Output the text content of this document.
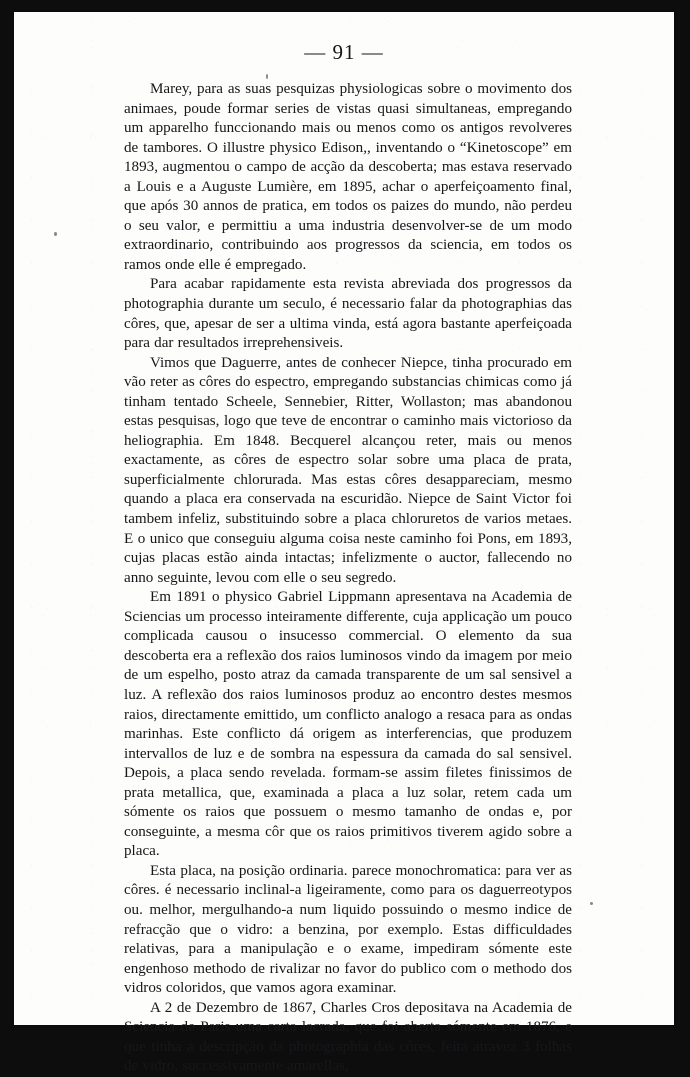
— 91 —

Marey, para as suas pesquizas physiologicas sobre o movimento dos animaes, poude formar series de vistas quasi simultaneas, empregando um apparelho funccionando mais ou menos como os antigos revolveres de tambores. O illustre physico Edison,, inventando o “Kinetoscope” em 1893, augmentou o campo de acção da descoberta; mas estava reservado a Louis e a Auguste Lumière, em 1895, achar o aperfeiçoamento final, que após 30 annos de pratica, em todos os paizes do mundo, não perdeu o seu valor, e permittiu a uma industria desenvolver-se de um modo extraordinario, contribuindo aos progressos da sciencia, em todos os ramos onde elle é empregado.

Para acabar rapidamente esta revista abreviada dos progressos da photographia durante um seculo, é necessario falar da photographias das côres, que, apesar de ser a ultima vinda, está agora bastante aperfeiçoada para dar resultados irreprehensiveis.

Vimos que Daguerre, antes de conhecer Niepce, tinha procurado em vão reter as côres do espectro, empregando substancias chimicas como já tinham tentado Scheele, Sennebier, Ritter, Wollaston; mas abandonou estas pesquisas, logo que teve de encontrar o caminho mais victorioso da heliographia. Em 1848. Becquerel alcançou reter, mais ou menos exactamente, as côres de espectro solar sobre uma placa de prata, superficialmente chlorurada. Mas estas côres desappareciam, mesmo quando a placa era conservada na escuridão. Niepce de Saint Victor foi tambem infeliz, substituindo sobre a placa chloruretos de varios metaes. E o unico que conseguiu alguma coisa neste caminho foi Pons, em 1893, cujas placas estão ainda intactas; infelizmente o auctor, fallecendo no anno seguinte, levou com elle o seu segredo.

Em 1891 o physico Gabriel Lippmann apresentava na Academia de Sciencias um processo inteiramente differente, cuja applicação um pouco complicada causou o insucesso commercial. O elemento da sua descoberta era a reflexão dos raios luminosos vindo da imagem por meio de um espelho, posto atraz da camada transparente de um sal sensivel a luz. A reflexão dos raios luminosos produz ao encontro destes mesmos raios, directamente emittido, um conflicto analogo a resaca para as ondas marinhas. Este conflicto dá origem as interferencias, que produzem intervallos de luz e de sombra na espessura da camada do sal sensivel. Depois, a placa sendo revelada. formam-se assim filetes finissimos de prata metallica, que, examinada a placa a luz solar, retem cada um sómente os raios que possuem o mesmo tamanho de ondas e, por conseguinte, a mesma côr que os raios primitivos tiverem agido sobre a placa.

Esta placa, na posição ordinaria. parece monochromatica: para ver as côres. é necessario inclinal-a ligeiramente, como para os daguerreotypos ou. melhor, mergulhando-a num liquido possuindo o mesmo indice de refracção que o vidro: a benzina, por exemplo. Estas difficuldades relativas, para a manipulação e o exame, impediram sómente este engenhoso methodo de rivalizar no favor do publico com o methodo dos vidros coloridos, que vamos agora examinar.

A 2 de Dezembro de 1867, Charles Cros depositava na Academia de Sciencia de Paris uma carta lacrada, que foi aberta sómente em 1876, e que tinha a descripção da photographia das côres, feita atravez 3 folhas de vidro, successivamente amarellas,
